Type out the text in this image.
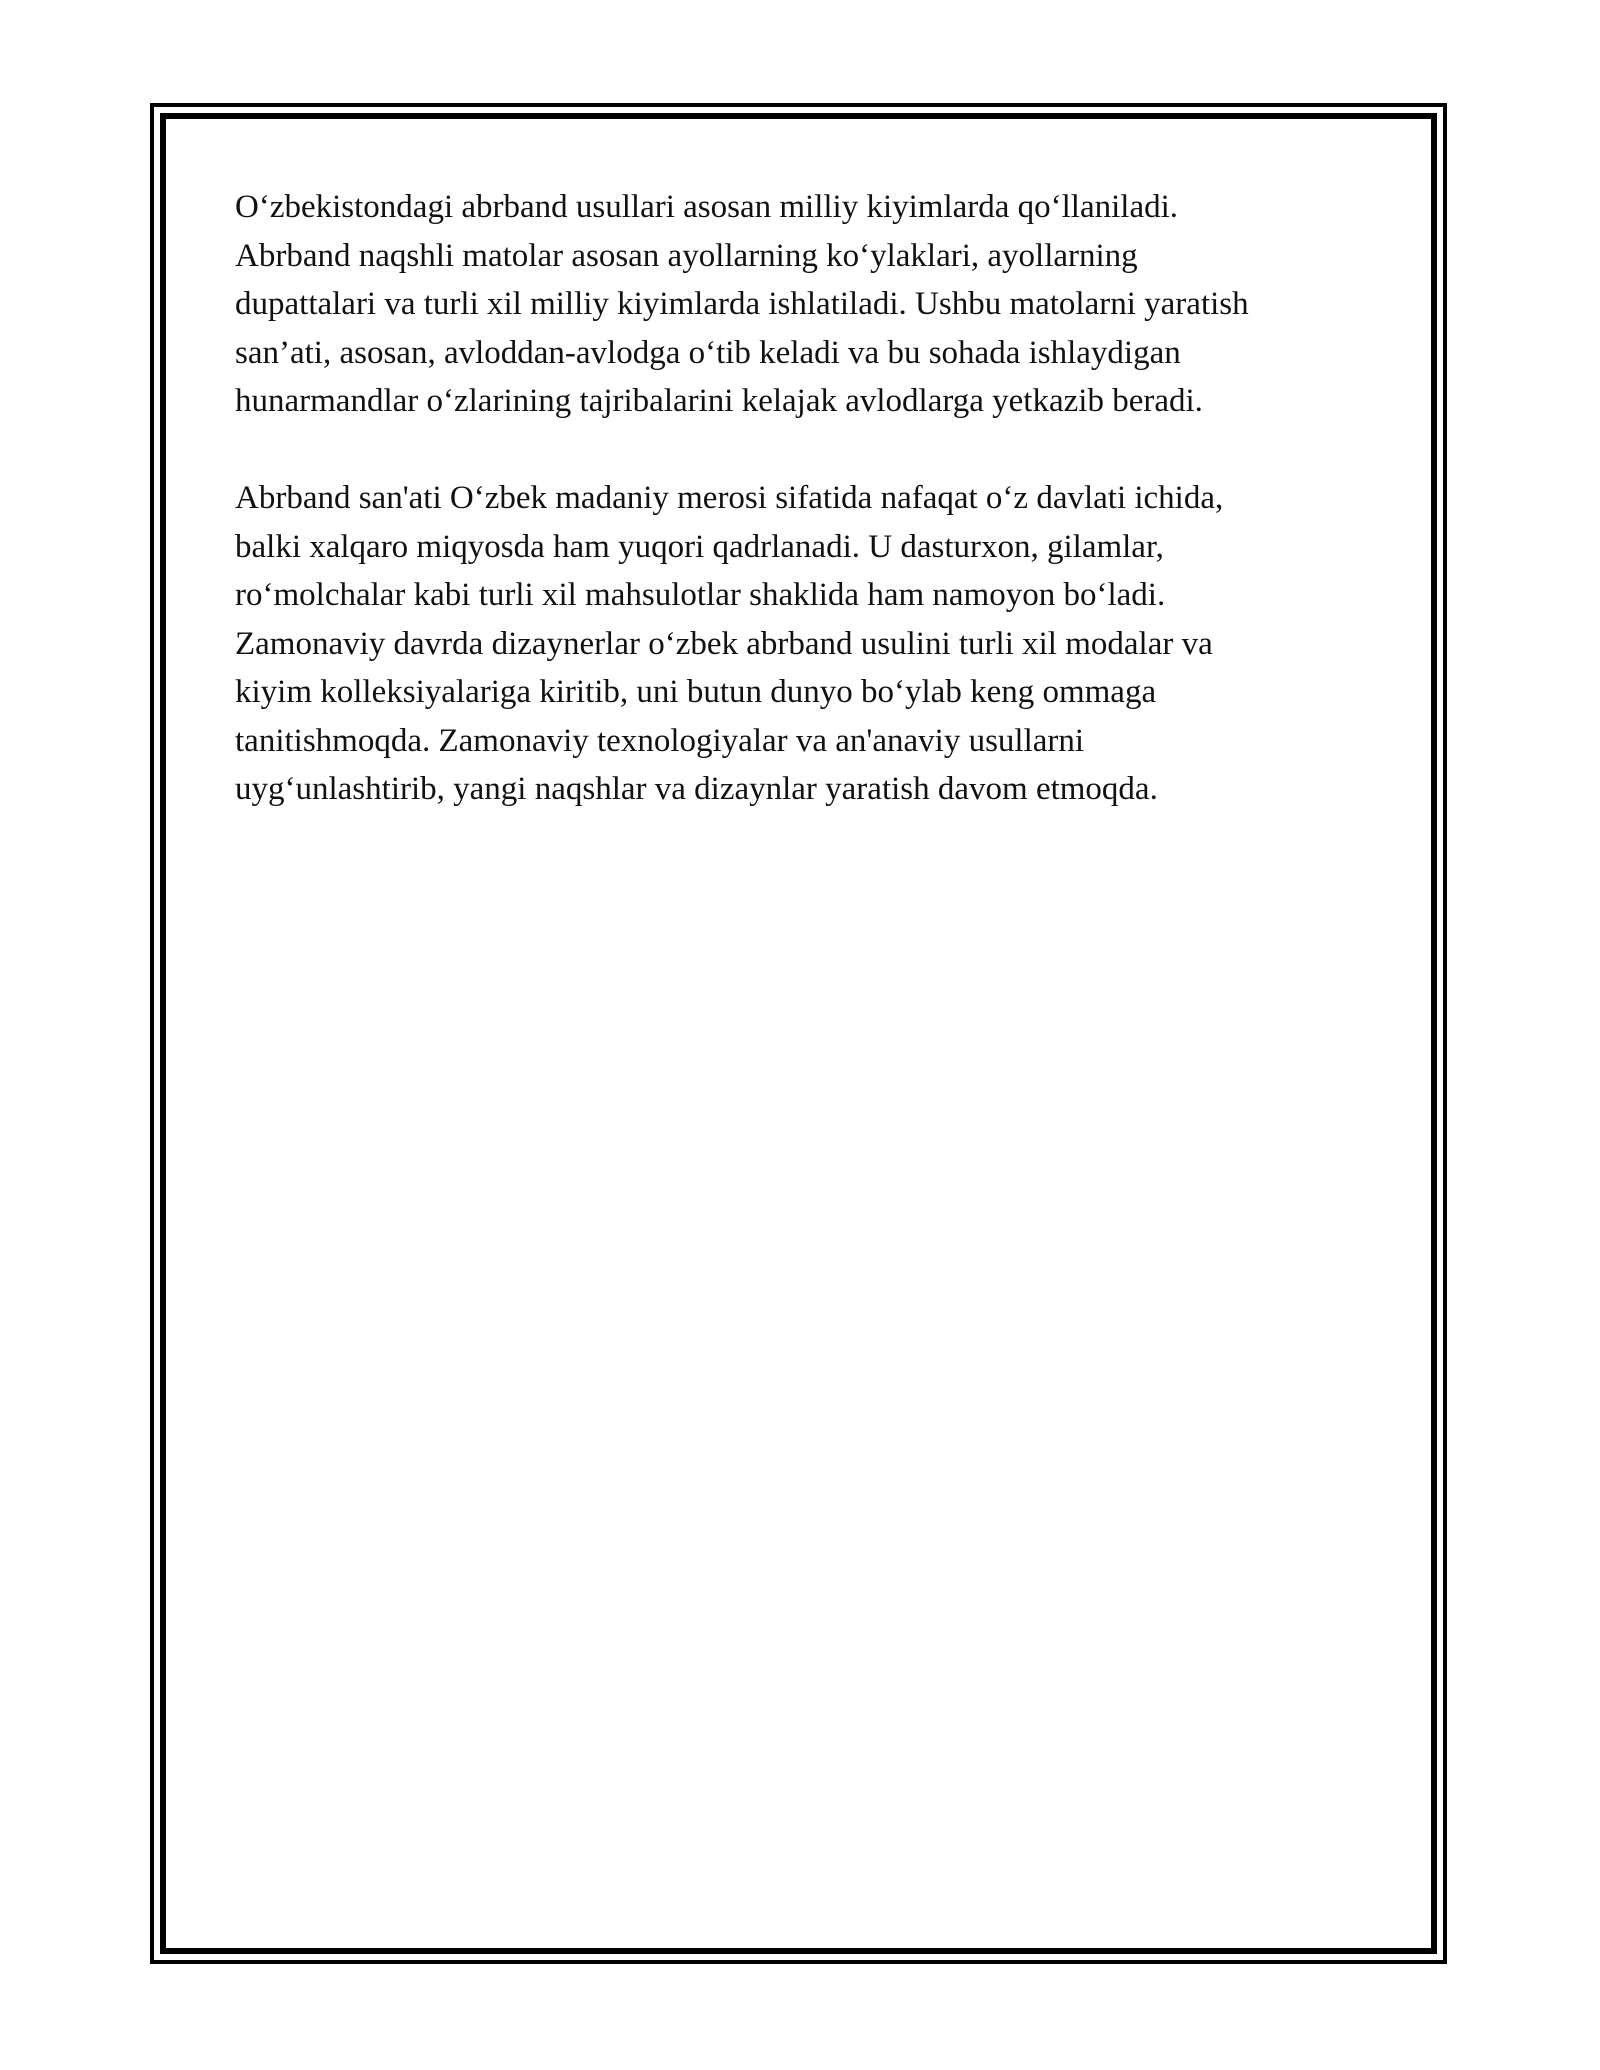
Oʻzbekistondagi abrband usullari asosan milliy kiyimlarda qoʻllaniladi.
Abrband naqshli matolar asosan ayollarning koʻylaklari, ayollarning
dupattalari va turli xil milliy kiyimlarda ishlatiladi. Ushbu matolarni yaratish
san’ati, asosan, avloddan-avlodga oʻtib keladi va bu sohada ishlaydigan
hunarmandlar oʻzlarining tajribalarini kelajak avlodlarga yetkazib beradi.

Abrband san'ati Oʻzbek madaniy merosi sifatida nafaqat oʻz davlati ichida,
balki xalqaro miqyosda ham yuqori qadrlanadi. U dasturxon, gilamlar,
roʻmolchalar kabi turli xil mahsulotlar shaklida ham namoyon boʻladi.
Zamonaviy davrda dizaynerlar oʻzbek abrband usulini turli xil modalar va
kiyim kolleksiyalariga kiritib, uni butun dunyo boʻylab keng ommaga
tanitishmoqda. Zamonaviy texnologiyalar va an'anaviy usullarni
uygʻunlashtirib, yangi naqshlar va dizaynlar yaratish davom etmoqda.
